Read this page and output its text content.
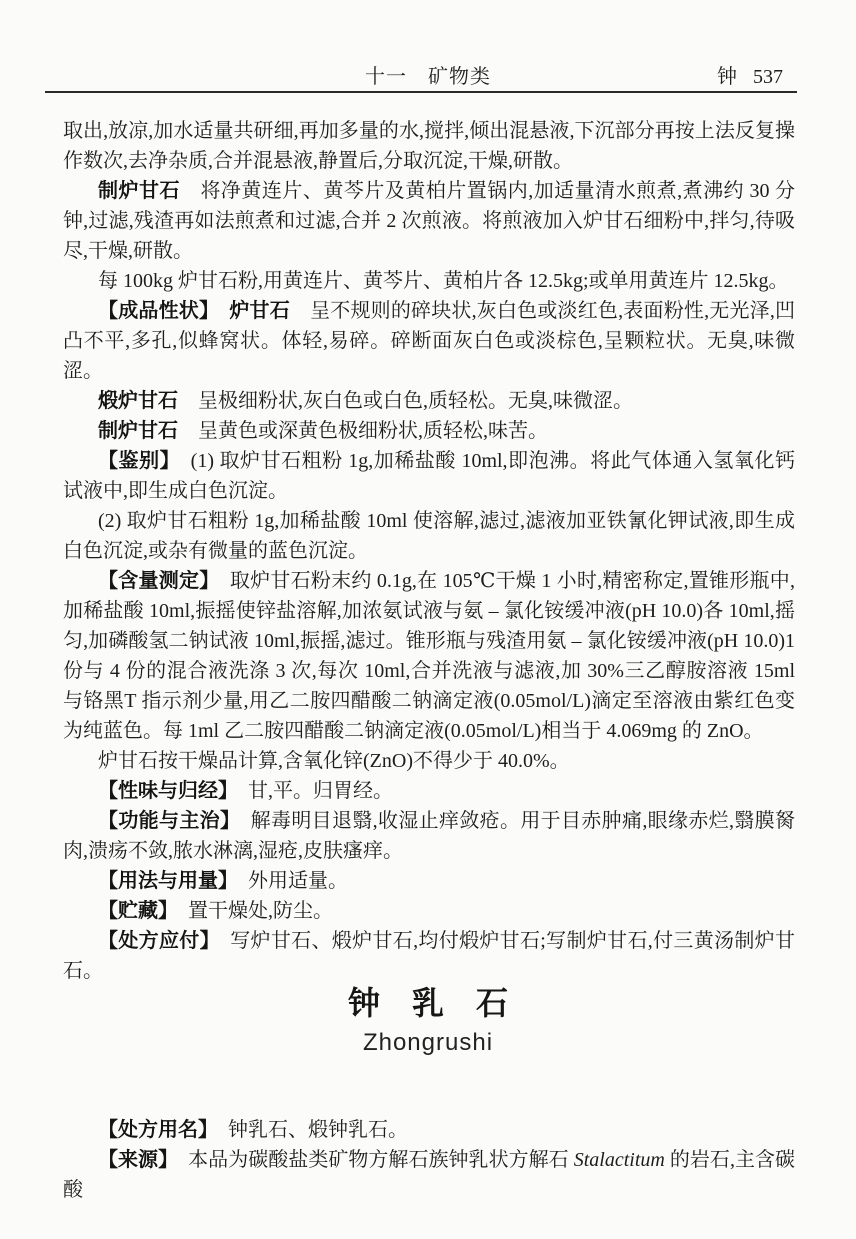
十一　矿物类	钟 537

取出,放凉,加水适量共研细,再加多量的水,搅拌,倾出混悬液,下沉部分再按上法反复操作数次,去净杂质,合并混悬液,静置后,分取沉淀,干燥,研散。

制炉甘石　将净黄连片、黄芩片及黄柏片置锅内,加适量清水煎煮,煮沸约 30 分钟,过滤,残渣再如法煎煮和过滤,合并 2 次煎液。将煎液加入炉甘石细粉中,拌匀,待吸尽,干燥,研散。

每 100kg 炉甘石粉,用黄连片、黄芩片、黄柏片各 12.5kg;或单用黄连片 12.5kg。

【成品性状】　炉甘石　呈不规则的碎块状,灰白色或淡红色,表面粉性,无光泽,凹凸不平,多孔,似蜂窝状。体轻,易碎。碎断面灰白色或淡棕色,呈颗粒状。无臭,味微涩。

煅炉甘石　呈极细粉状,灰白色或白色,质轻松。无臭,味微涩。

制炉甘石　呈黄色或深黄色极细粉状,质轻松,味苦。

【鉴别】　(1) 取炉甘石粗粉 1g,加稀盐酸 10ml,即泡沸。将此气体通入氢氧化钙试液中,即生成白色沉淀。

(2) 取炉甘石粗粉 1g,加稀盐酸 10ml 使溶解,滤过,滤液加亚铁氰化钾试液,即生成白色沉淀,或杂有微量的蓝色沉淀。

【含量测定】　取炉甘石粉末约 0.1g,在 105℃干燥 1 小时,精密称定,置锥形瓶中,加稀盐酸 10ml,振摇使锌盐溶解,加浓氨试液与氨 – 氯化铵缓冲液(pH 10.0)各 10ml,摇匀,加磷酸氢二钠试液 10ml,振摇,滤过。锥形瓶与残渣用氨 – 氯化铵缓冲液(pH 10.0)1 份与 4 份的混合液洗涤 3 次,每次 10ml,合并洗液与滤液,加 30%三乙醇胺溶液 15ml 与铬黑T 指示剂少量,用乙二胺四醋酸二钠滴定液(0.05mol/L)滴定至溶液由紫红色变为纯蓝色。每 1ml 乙二胺四醋酸二钠滴定液(0.05mol/L)相当于 4.069mg 的 ZnO。

炉甘石按干燥品计算,含氧化锌(ZnO)不得少于 40.0%。

【性味与归经】　甘,平。归胃经。

【功能与主治】　解毒明目退翳,收湿止痒敛疮。用于目赤肿痛,眼缘赤烂,翳膜胬肉,溃疡不敛,脓水淋漓,湿疮,皮肤瘙痒。

【用法与用量】　外用适量。

【贮藏】　置干燥处,防尘。

【处方应付】　写炉甘石、煅炉甘石,均付煅炉甘石;写制炉甘石,付三黄汤制炉甘石。

钟　乳　石
Zhongrushi

【处方用名】　钟乳石、煅钟乳石。

【来源】　本品为碳酸盐类矿物方解石族钟乳状方解石 Stalactitum 的岩石,主含碳酸
